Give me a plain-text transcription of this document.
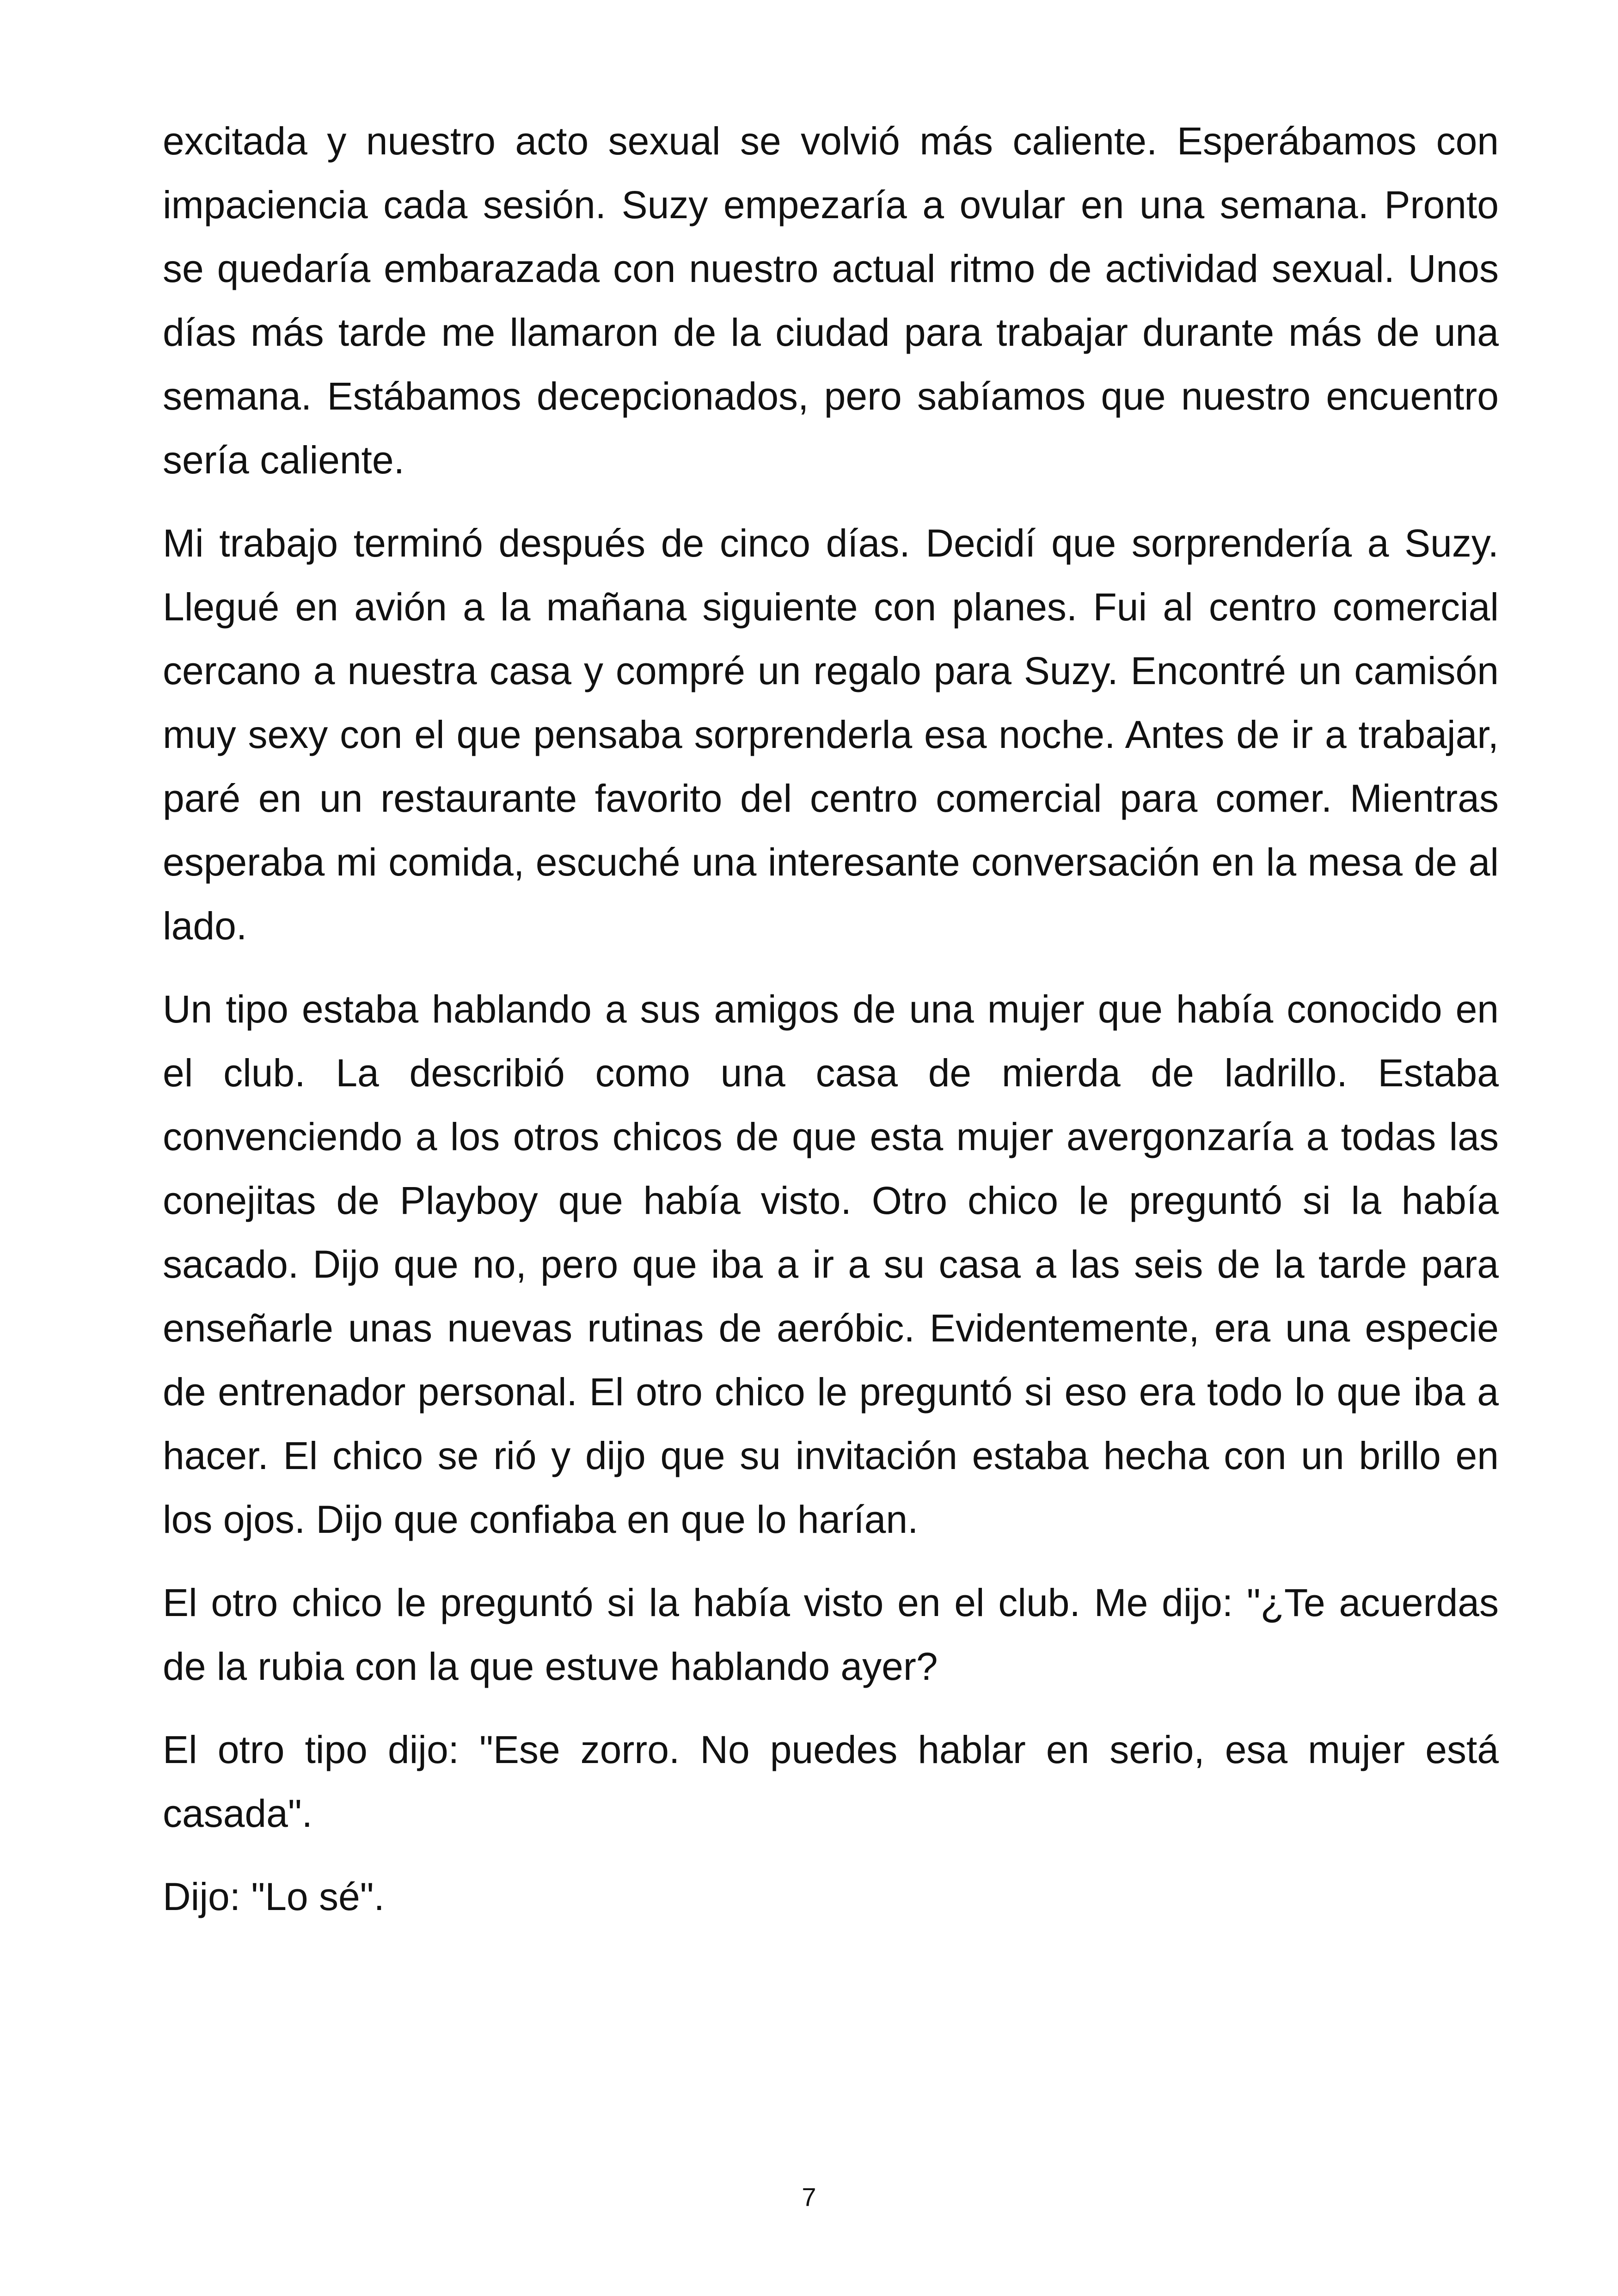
excitada y nuestro acto sexual se volvió más caliente. Esperábamos con impaciencia cada sesión. Suzy empezaría a ovular en una semana. Pronto se quedaría embarazada con nuestro actual ritmo de actividad sexual. Unos días más tarde me llamaron de la ciudad para trabajar durante más de una semana. Estábamos decepcionados, pero sabíamos que nuestro encuentro sería caliente.

Mi trabajo terminó después de cinco días. Decidí que sorprendería a Suzy. Llegué en avión a la mañana siguiente con planes. Fui al centro comercial cercano a nuestra casa y compré un regalo para Suzy. Encontré un camisón muy sexy con el que pensaba sorprenderla esa noche. Antes de ir a trabajar, paré en un restaurante favorito del centro comercial para comer. Mientras esperaba mi comida, escuché una interesante conversación en la mesa de al lado.

Un tipo estaba hablando a sus amigos de una mujer que había conocido en el club. La describió como una casa de mierda de ladrillo. Estaba convenciendo a los otros chicos de que esta mujer avergonzaría a todas las conejitas de Playboy que había visto. Otro chico le preguntó si la había sacado. Dijo que no, pero que iba a ir a su casa a las seis de la tarde para enseñarle unas nuevas rutinas de aeróbic. Evidentemente, era una especie de entrenador personal. El otro chico le preguntó si eso era todo lo que iba a hacer. El chico se rió y dijo que su invitación estaba hecha con un brillo en los ojos. Dijo que confiaba en que lo harían.

El otro chico le preguntó si la había visto en el club. Me dijo: "¿Te acuerdas de la rubia con la que estuve hablando ayer?

El otro tipo dijo: "Ese zorro. No puedes hablar en serio, esa mujer está casada".

Dijo: "Lo sé".

7
